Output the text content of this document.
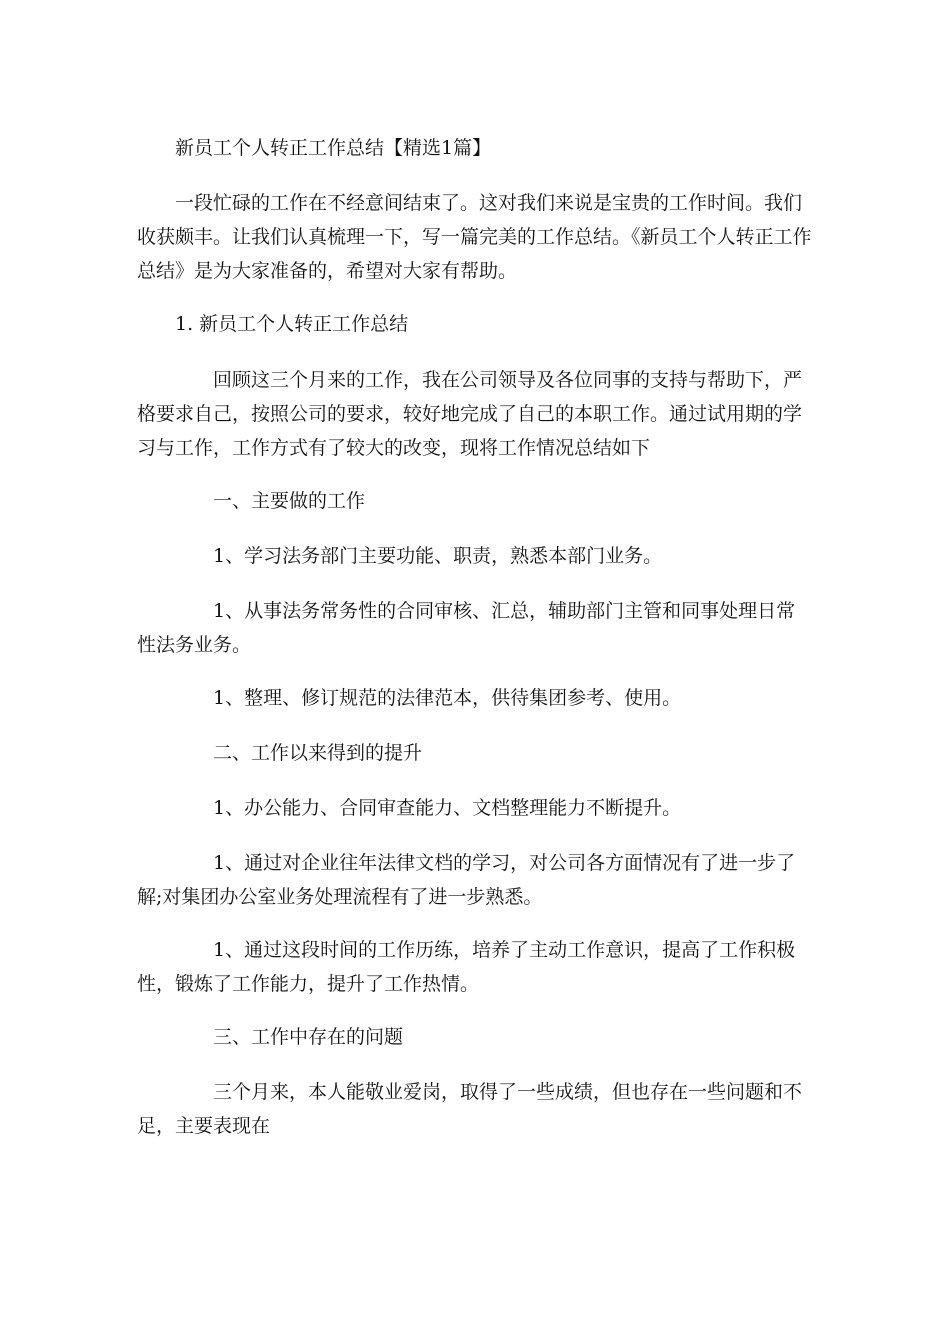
新员工个人转正工作总结【精选1篇】

一段忙碌的工作在不经意间结束了。这对我们来说是宝贵的工作时间。我们收获颇丰。让我们认真梳理一下，写一篇完美的工作总结。《新员工个人转正工作总结》是为大家准备的，希望对大家有帮助。

1. 新员工个人转正工作总结

回顾这三个月来的工作，我在公司领导及各位同事的支持与帮助下，严格要求自己，按照公司的要求，较好地完成了自己的本职工作。通过试用期的学习与工作，工作方式有了较大的改变，现将工作情况总结如下

一、主要做的工作

1、学习法务部门主要功能、职责，熟悉本部门业务。

1、从事法务常务性的合同审核、汇总，辅助部门主管和同事处理日常性法务业务。

1、整理、修订规范的法律范本，供待集团参考、使用。

二、工作以来得到的提升

1、办公能力、合同审查能力、文档整理能力不断提升。

1、通过对企业往年法律文档的学习，对公司各方面情况有了进一步了解;对集团办公室业务处理流程有了进一步熟悉。

1、通过这段时间的工作历练，培养了主动工作意识，提高了工作积极性，锻炼了工作能力，提升了工作热情。

三、工作中存在的问题

三个月来，本人能敬业爱岗，取得了一些成绩，但也存在一些问题和不足，主要表现在
